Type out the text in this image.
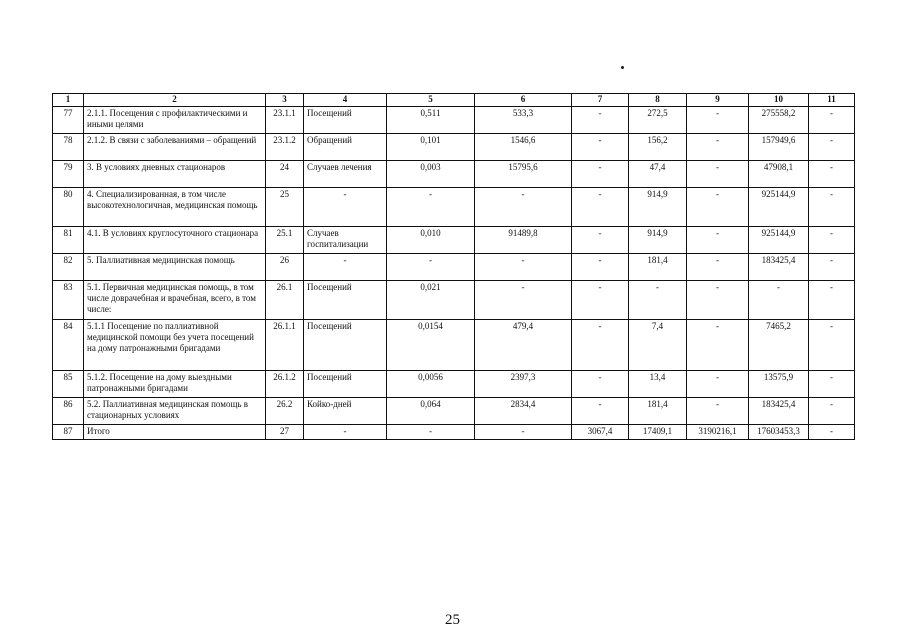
1	2	3	4	5	6	7	8	9	10	11
77	2.1.1. Посещения с профилактическими и иными целями	23.1.1	Посещений	0,511	533,3	-	272,5	-	275558,2	-
78	2.1.2. В связи с заболеваниями – обращений	23.1.2	Обращений	0,101	1546,6	-	156,2	-	157949,6	-
79	3. В условиях дневных стационаров	24	Случаев лечения	0,003	15795,6	-	47,4	-	47908,1	-
80	4. Специализированная, в том числе высокотехнологичная, медицинская помощь	25	-	-	-	-	914,9	-	925144,9	-
81	4.1. В условиях круглосуточного стационара	25.1	Случаев госпитализации	0,010	91489,8	-	914,9	-	925144,9	-
82	5. Паллиативная медицинская помощь	26	-	-	-	-	181,4	-	183425,4	-
83	5.1. Первичная медицинская помощь, в том числе доврачебная и врачебная, всего, в том числе:	26.1	Посещений	0,021	-	-	-	-	-	-
84	5.1.1 Посещение по паллиативной медицинской помощи без учета посещений на дому патронажными бригадами	26.1.1	Посещений	0,0154	479,4	-	7,4	-	7465,2	-
85	5.1.2. Посещение на дому выездными патронажными бригадами	26.1.2	Посещений	0,0056	2397,3	-	13,4	-	13575,9	-
86	5.2. Паллиативная медицинская помощь в стационарных условиях	26.2	Койко-дней	0,064	2834,4	-	181,4	-	183425,4	-
87	Итого	27	-	-	-	3067,4	17409,1	3190216,1	17603453,3	-
25
